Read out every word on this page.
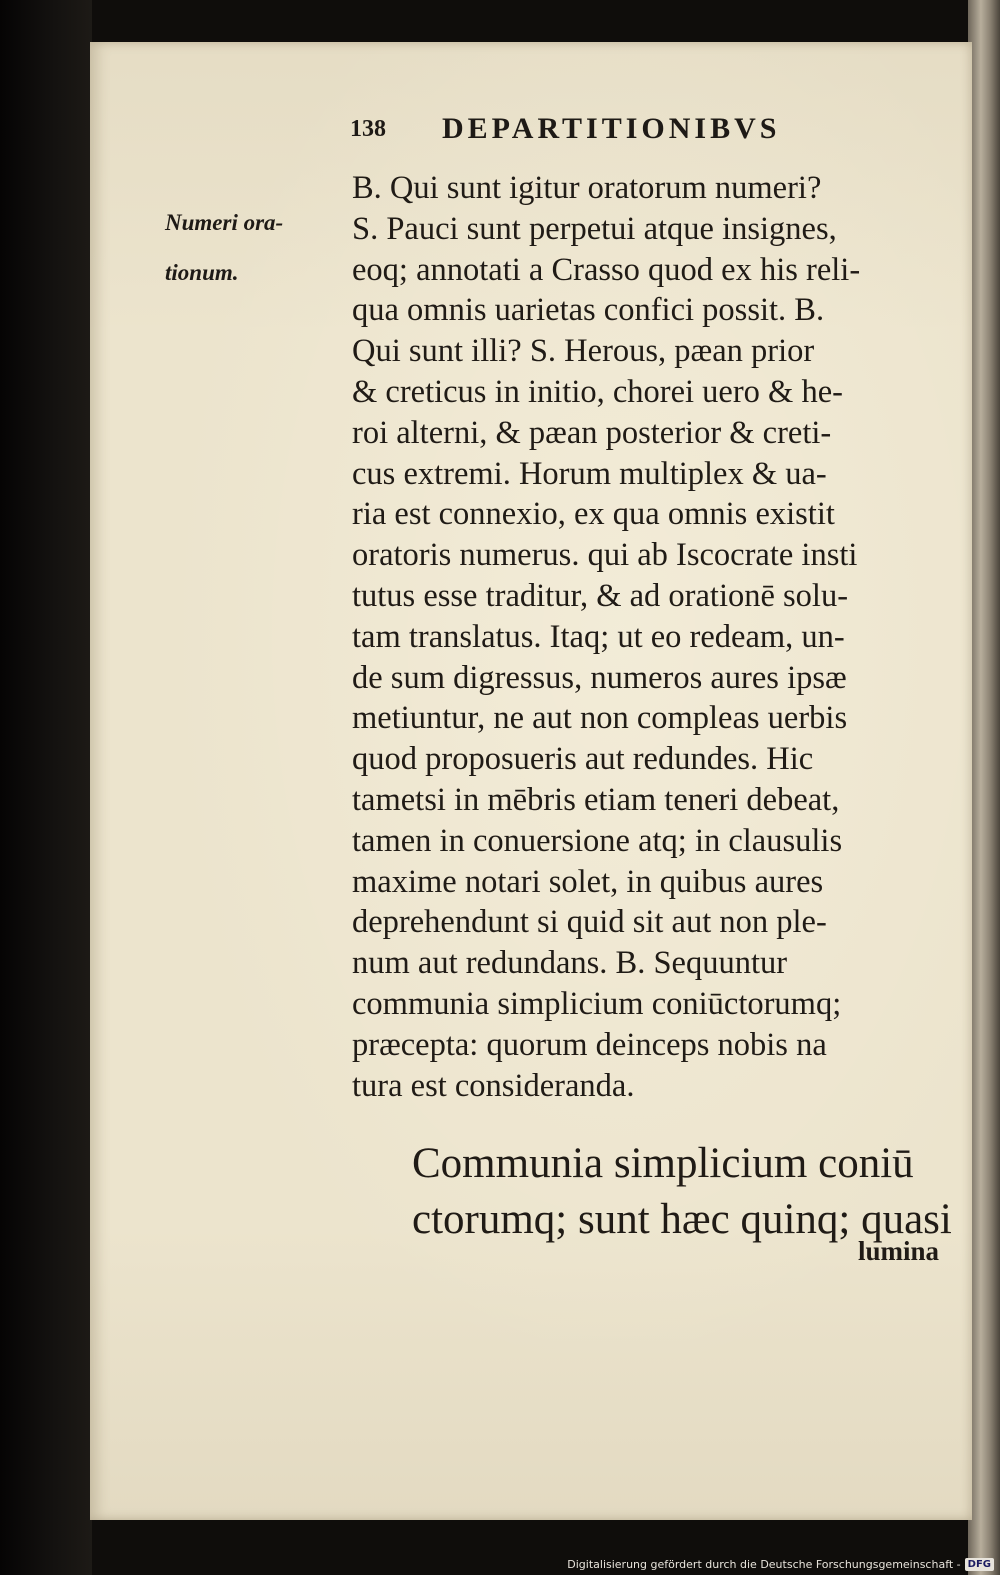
138 DEPARTITIONIBVS
Numeri ora-
tionum.
B. Qui sunt igitur oratorum numeri?
S. Pauci sunt perpetui atque insignes,
eoq; annotati a Crasso quod ex his reli-
qua omnis uarietas confici possit. B.
Qui sunt illi? S. Herous, pæan prior
& creticus in initio, chorei uero & he-
roi alterni, & pæan posterior & creti-
cus extremi. Horum multiplex & ua-
ria est connexio, ex qua omnis existit
oratoris numerus. qui ab Iscocrate insti
tutus esse traditur, & ad orationē solu-
tam translatus. Itaq; ut eo redeam, un-
de sum digressus, numeros aures ipsæ
metiuntur, ne aut non compleas uerbis
quod proposueris aut redundes. Hic
tametsi in mēbris etiam teneri debeat,
tamen in conuersione atq; in clausulis
maxime notari solet, in quibus aures
deprehendunt si quid sit aut non ple-
num aut redundans. B. Sequuntur
communia simplicium coniūctorumq;
præcepta: quorum deinceps nobis na
tura est consideranda.
Communia simplicium coniū
ctorumq; sunt hæc quinq; quasi
lumina
Digitalisierung gefördert durch die Deutsche Forschungsgemeinschaft - DFG
